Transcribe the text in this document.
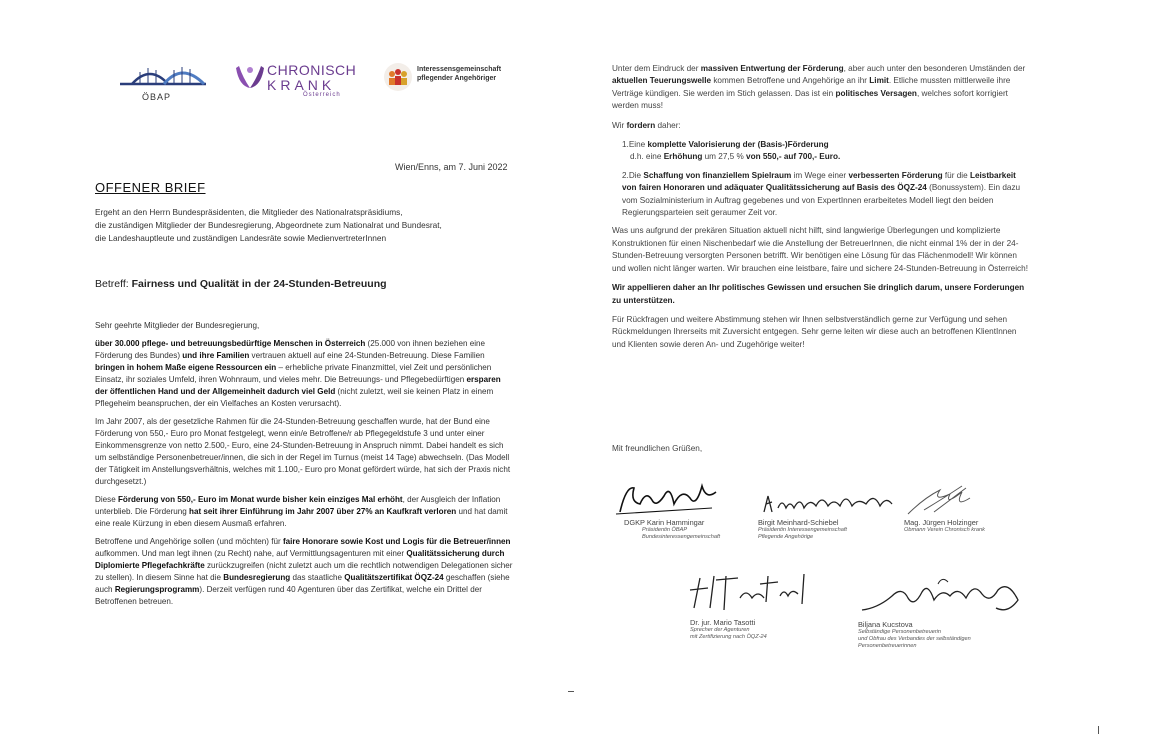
ÖBAP
CHRONISCH
KRANK
Österreich
Interessensgemeinschaft
pflegender Angehöriger
Wien/Enns, am 7. Juni 2022
OFFENER BRIEF
Ergeht an den Herrn Bundespräsidenten, die Mitglieder des Nationalratspräsidiums,
die zuständigen Mitglieder der Bundesregierung, Abgeordnete zum Nationalrat und Bundesrat,
die Landeshauptleute und zuständigen Landesräte sowie MedienvertreterInnen
Betreff: Fairness und Qualität in der 24-Stunden-Betreuung

Sehr geehrte Mitglieder der Bundesregierung,

über 30.000 pflege- und betreuungsbedürftige Menschen in Österreich (25.000 von ihnen beziehen eine Förderung des Bundes) und ihre Familien vertrauen aktuell auf eine 24-Stunden-Betreuung. Diese Familien bringen in hohem Maße eigene Ressourcen ein – erhebliche private Finanzmittel, viel Zeit und persönlichen Einsatz, ihr soziales Umfeld, ihren Wohnraum, und vieles mehr. Die Betreuungs- und Pflegebedürftigen ersparen der öffentlichen Hand und der Allgemeinheit dadurch viel Geld (nicht zuletzt, weil sie keinen Platz in einem Pflegeheim beanspruchen, der ein Vielfaches an Kosten verursacht).

Im Jahr 2007, als der gesetzliche Rahmen für die 24-Stunden-Betreuung geschaffen wurde, hat der Bund eine Förderung von 550,- Euro pro Monat festgelegt, wenn ein/e Betroffene/r ab Pflegegeldstufe 3 und unter einer Einkommensgrenze von netto 2.500,- Euro, eine 24-Stunden-Betreuung in Anspruch nimmt. Dabei handelt es sich um selbständige Personenbetreuer/innen, die sich in der Regel im Turnus (meist 14 Tage) abwechseln. (Das Modell der Tätigkeit im Anstellungsverhältnis, welches mit 1.100,- Euro pro Monat gefördert würde, hat sich der Praxis nicht durchgesetzt.)

Diese Förderung von 550,- Euro im Monat wurde bisher kein einziges Mal erhöht, der Ausgleich der Inflation unterblieb. Die Förderung hat seit ihrer Einführung im Jahr 2007 über 27% an Kaufkraft verloren und hat damit eine reale Kürzung in eben diesem Ausmaß erfahren.

Betroffene und Angehörige sollen (und möchten) für faire Honorare sowie Kost und Logis für die Betreuer/innen aufkommen. Und man legt ihnen (zu Recht) nahe, auf Vermittlungsagenturen mit einer Qualitätssicherung durch Diplomierte Pflegefachkräfte zurückzugreifen (nicht zuletzt auch um die rechtlich notwendigen Delegationen sicher zu stellen). In diesem Sinne hat die Bundesregierung das staatliche Qualitätszertifikat ÖQZ-24 geschaffen (siehe auch Regierungsprogramm). Derzeit verfügen rund 40 Agenturen über das Zertifikat, welche ein Drittel der Betroffenen betreuen.

Unter dem Eindruck der massiven Entwertung der Förderung, aber auch unter den besonderen Umständen der aktuellen Teuerungswelle kommen Betroffene und Angehörige an ihr Limit. Etliche mussten mittlerweile ihre Verträge kündigen. Sie werden im Stich gelassen. Das ist ein politisches Versagen, welches sofort korrigiert werden muss!

Wir fordern daher:

1.Eine komplette Valorisierung der (Basis-)Förderung
d.h. eine Erhöhung um 27,5 % von 550,- auf 700,- Euro.
2.Die Schaffung von finanziellem Spielraum im Wege einer verbesserten Förderung für die Leistbarkeit von fairen Honoraren und adäquater Qualitätssicherung auf Basis des ÖQZ-24 (Bonussystem). Ein dazu vom Sozialministerium in Auftrag gegebenes und von ExpertInnen erarbeitetes Modell liegt den beiden Regierungsparteien seit geraumer Zeit vor.

Was uns aufgrund der prekären Situation aktuell nicht hilft, sind langwierige Überlegungen und komplizierte Konstruktionen für einen Nischenbedarf wie die Anstellung der BetreuerInnen, die nicht einmal 1% der in der 24-Stunden-Betreuung versorgten Personen betrifft. Wir benötigen eine Lösung für das Flächenmodell! Wir können und wollen nicht länger warten. Wir brauchen eine leistbare, faire und sichere 24-Stunden-Betreuung in Österreich!

Wir appellieren daher an Ihr politisches Gewissen und ersuchen Sie dringlich darum, unsere Forderungen zu unterstützen.

Für Rückfragen und weitere Abstimmung stehen wir Ihnen selbstverständlich gerne zur Verfügung und sehen Rückmeldungen Ihrerseits mit Zuversicht entgegen. Sehr gerne leiten wir diese auch an betroffenen KlientInnen und Klienten sowie deren An- und Zugehörige weiter!

Mit freundlichen Grüßen,
DGKP Karin Hammingar
Präsidentin ÖBAP
Bundesinteressengemeinschaft
Birgit Meinhard-Schiebel
Präsidentin Interessengemeinschaft
Pflegende Angehörige
Mag. Jürgen Holzinger
Obmann Verein Chronisch krank
Dr. jur. Mario Tasotti
Sprecher der Agenturen
mit Zertifizierung nach ÖQZ-24
Biljana Kucstova
Selbständige Personenbetreuerin
und Obfrau des Verbandes der selbständigen Personenbetreuerinnen
